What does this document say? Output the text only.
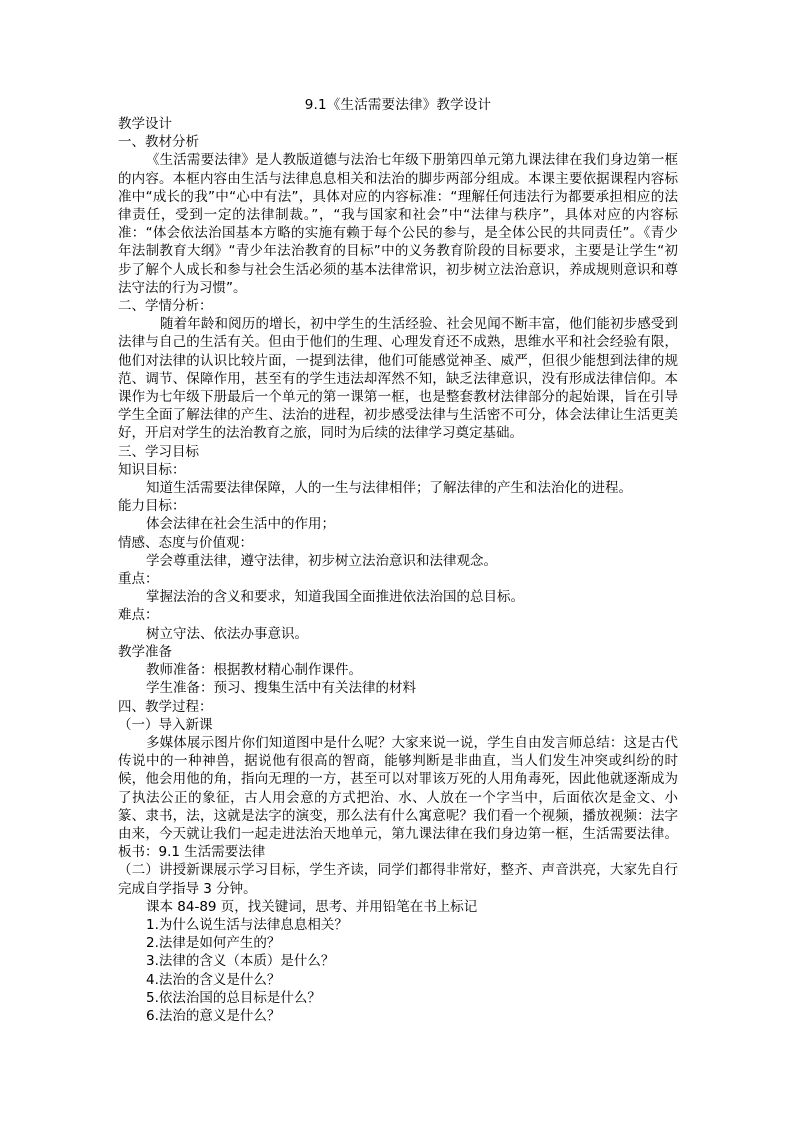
9.1《生活需要法律》教学设计

教学设计

一、教材分析

《生活需要法律》是人教版道德与法治七年级下册第四单元第九课法律在我们身边第一框的内容。本框内容由生活与法律息息相关和法治的脚步两部分组成。本课主要依据课程内容标准中“成长的我”中“心中有法”，具体对应的内容标准：“理解任何违法行为都要承担相应的法律责任，受到一定的法律制裁。”，“我与国家和社会”中“法律与秩序”，具体对应的内容标准：“体会依法治国基本方略的实施有赖于每个公民的参与，是全体公民的共同责任”。《青少年法制教育大纲》“青少年法治教育的目标”中的义务教育阶段的目标要求，主要是让学生“初步了解个人成长和参与社会生活必须的基本法律常识，初步树立法治意识，养成规则意识和尊法守法的行为习惯”。

二、学情分析：

随着年龄和阅历的增长，初中学生的生活经验、社会见闻不断丰富，他们能初步感受到法律与自己的生活有关。但由于他们的生理、心理发育还不成熟，思维水平和社会经验有限，他们对法律的认识比较片面，一提到法律，他们可能感觉神圣、威严，但很少能想到法律的规范、调节、保障作用，甚至有的学生违法却浑然不知，缺乏法律意识，没有形成法律信仰。本课作为七年级下册最后一个单元的第一课第一框，也是整套教材法律部分的起始课，旨在引导学生全面了解法律的产生、法治的进程，初步感受法律与生活密不可分，体会法律让生活更美好，开启对学生的法治教育之旅，同时为后续的法律学习奠定基础。

三、学习目标

知识目标：

知道生活需要法律保障，人的一生与法律相伴；了解法律的产生和法治化的进程。

能力目标：

体会法律在社会生活中的作用；

情感、态度与价值观：

学会尊重法律，遵守法律，初步树立法治意识和法律观念。

重点：

掌握法治的含义和要求，知道我国全面推进依法治国的总目标。

难点：

树立守法、依法办事意识。

教学准备

教师准备：根据教材精心制作课件。

学生准备：预习、搜集生活中有关法律的材料

四、教学过程：

（一）导入新课

多媒体展示图片你们知道图中是什么呢？大家来说一说，学生自由发言师总结：这是古代传说中的一种神兽，据说他有很高的智商，能够判断是非曲直，当人们发生冲突或纠纷的时候，他会用他的角，指向无理的一方，甚至可以对罪该万死的人用角毒死，因此他就逐渐成为了执法公正的象征，古人用会意的方式把治、水、人放在一个字当中，后面依次是金文、小篆、隶书，法，这就是法字的演变，那么法有什么寓意呢？我们看一个视频，播放视频：法字由来，今天就让我们一起走进法治天地单元，第九课法律在我们身边第一框，生活需要法律。板书：9.1 生活需要法律

（二）讲授新课展示学习目标，学生齐读，同学们都得非常好，整齐、声音洪亮，大家先自行完成自学指导 3 分钟。

课本 84-89 页，找关键词，思考、并用铅笔在书上标记

1.为什么说生活与法律息息相关？
2.法律是如何产生的？
3.法律的含义（本质）是什么？
4.法治的含义是什么？
5.依法治国的总目标是什么？
6.法治的意义是什么？
